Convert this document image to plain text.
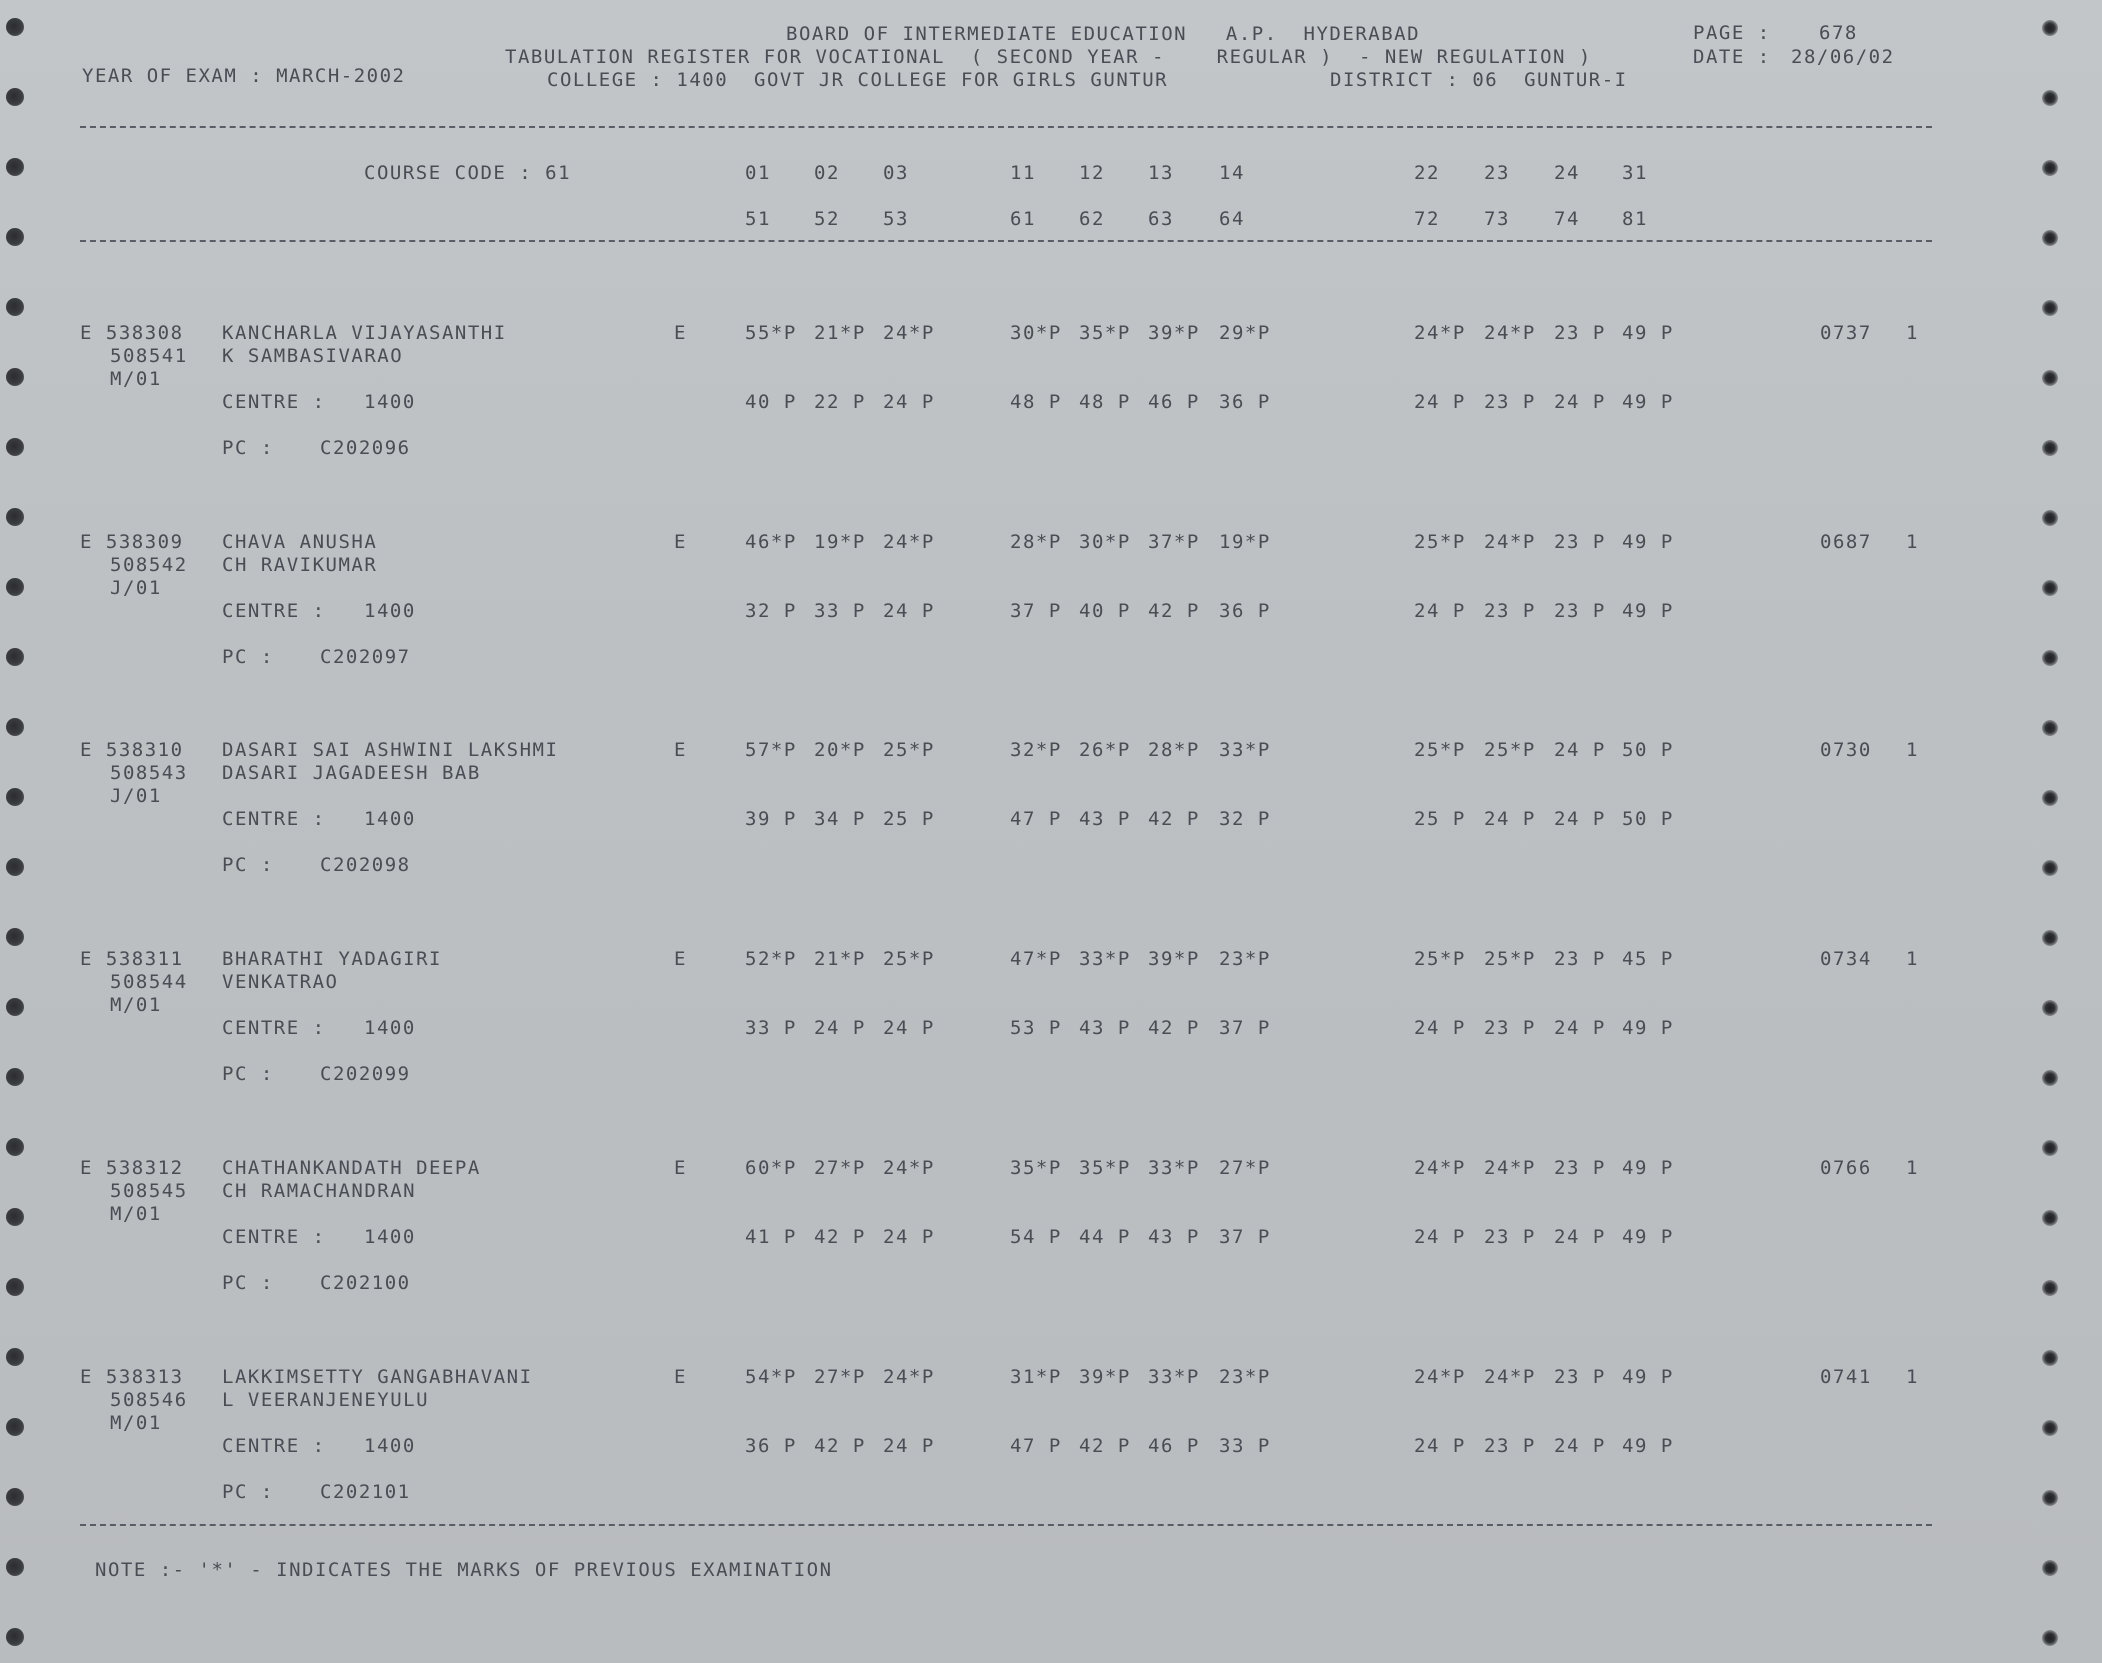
BOARD OF INTERMEDIATE EDUCATION   A.P.  HYDERABAD
TABULATION REGISTER FOR VOCATIONAL  ( SECOND YEAR -    REGULAR )  - NEW REGULATION )
COLLEGE : 1400  GOVT JR COLLEGE FOR GIRLS GUNTUR	DISTRICT : 06  GUNTUR-I
YEAR OF EXAM : MARCH-2002
PAGE :	678
DATE : 28/06/02
COURSE CODE : 61	01 02 03	11 12 13 14	22 23 24 31
51 52 53	61 62 63 64	72 73 74 81
E 538308
508541
M/01
KANCHARLA VIJAYASANTHI
K SAMBASIVARAO
E
CENTRE : 1400
PC : C202096
55*P 21*P 24*P	30*P 35*P 39*P 29*P	24*P 24*P 23 P 49 P
40 P 22 P 24 P	48 P 48 P 46 P 36 P	24 P 23 P 24 P 49 P
0737 1
E 538309
508542
J/01
CHAVA ANUSHA
CH RAVIKUMAR
E
CENTRE : 1400
PC : C202097
46*P 19*P 24*P	28*P 30*P 37*P 19*P	25*P 24*P 23 P 49 P
32 P 33 P 24 P	37 P 40 P 42 P 36 P	24 P 23 P 23 P 49 P
0687 1
E 538310
508543
J/01
DASARI SAI ASHWINI LAKSHMI
DASARI JAGADEESH BAB
E
CENTRE : 1400
PC : C202098
57*P 20*P 25*P	32*P 26*P 28*P 33*P	25*P 25*P 24 P 50 P
39 P 34 P 25 P	47 P 43 P 42 P 32 P	25 P 24 P 24 P 50 P
0730 1
E 538311
508544
M/01
BHARATHI YADAGIRI
VENKATRAO
E
CENTRE : 1400
PC : C202099
52*P 21*P 25*P	47*P 33*P 39*P 23*P	25*P 25*P 23 P 45 P
33 P 24 P 24 P	53 P 43 P 42 P 37 P	24 P 23 P 24 P 49 P
0734 1
E 538312
508545
M/01
CHATHANKANDATH DEEPA
CH RAMACHANDRAN
E
CENTRE : 1400
PC : C202100
60*P 27*P 24*P	35*P 35*P 33*P 27*P	24*P 24*P 23 P 49 P
41 P 42 P 24 P	54 P 44 P 43 P 37 P	24 P 23 P 24 P 49 P
0766 1
E 538313
508546
M/01
LAKKIMSETTY GANGABHAVANI
L VEERANJENEYULU
E
CENTRE : 1400
PC : C202101
54*P 27*P 24*P	31*P 39*P 33*P 23*P	24*P 24*P 23 P 49 P
36 P 42 P 24 P	47 P 42 P 46 P 33 P	24 P 23 P 24 P 49 P
0741 1
NOTE :- '*' - INDICATES THE MARKS OF PREVIOUS EXAMINATION
